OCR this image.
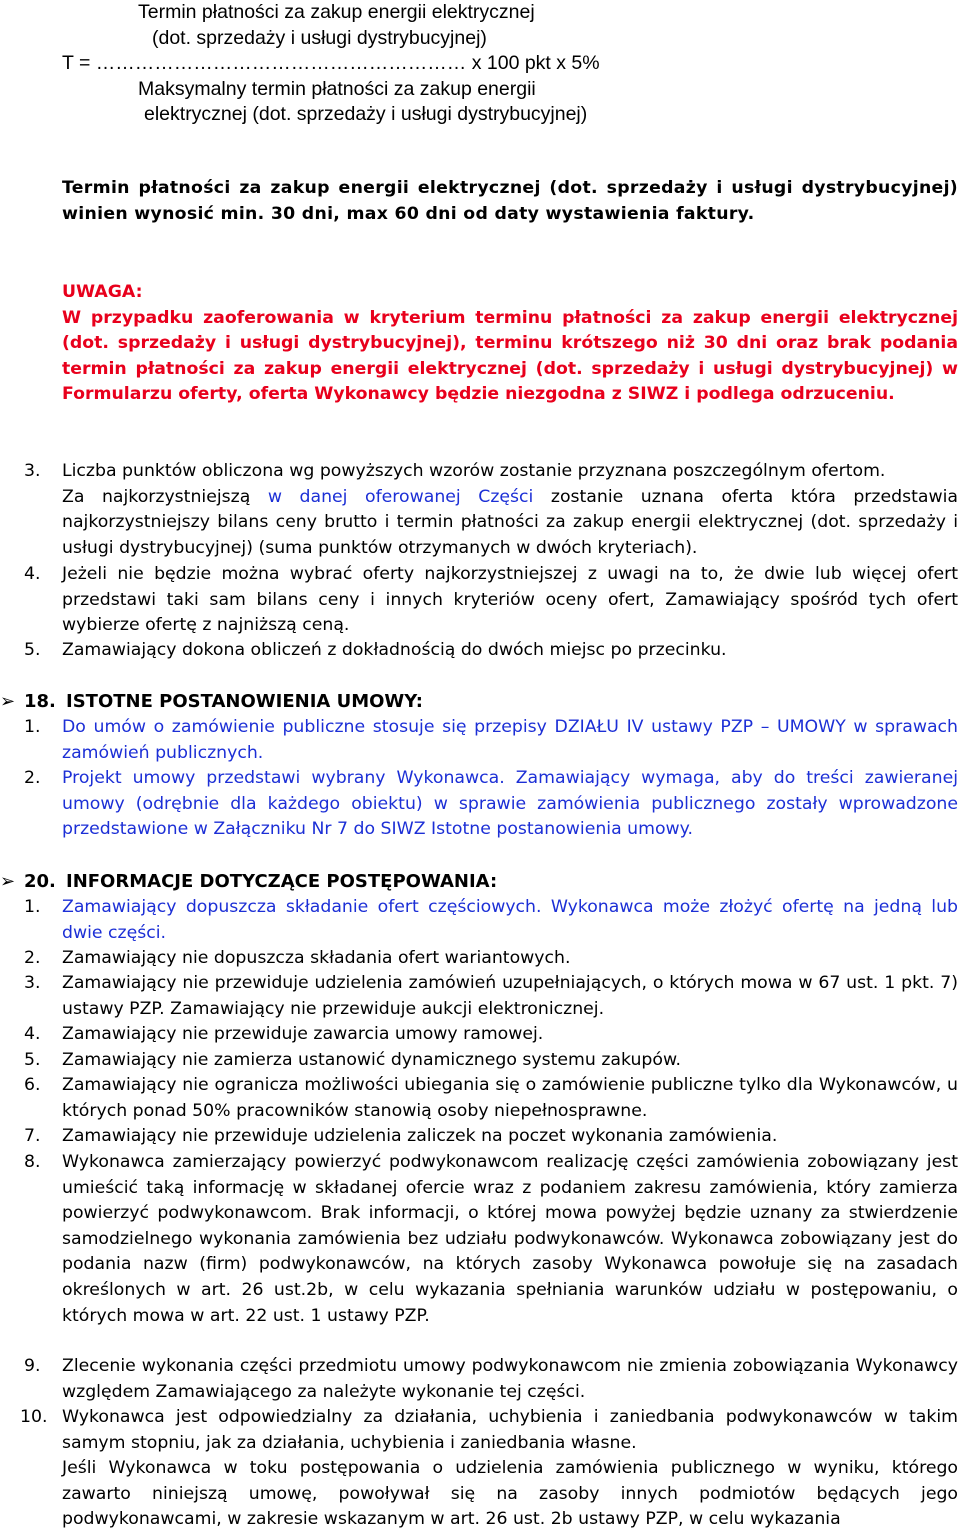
Termin płatności za zakup energii elektrycznej
(dot. sprzedaży i usługi dystrybucyjnej)
T = ………………………………………………… x 100 pkt x 5%
Maksymalny termin płatności za zakup energii
elektrycznej (dot. sprzedaży i usługi dystrybucyjnej)
Termin płatności za zakup energii elektrycznej (dot. sprzedaży i usługi dystrybucyjnej) winien wynosić min. 30 dni, max 60 dni od daty wystawienia faktury.
UWAGA:
W przypadku zaoferowania w kryterium terminu płatności za zakup energii elektrycznej (dot. sprzedaży i usługi dystrybucyjnej), terminu krótszego niż 30 dni oraz brak podania termin płatności za zakup energii elektrycznej (dot. sprzedaży i usługi dystrybucyjnej) w Formularzu oferty, oferta Wykonawcy będzie niezgodna z SIWZ i podlega odrzuceniu.
3. Liczba punktów obliczona wg powyższych wzorów zostanie przyznana poszczególnym ofertom.
Za najkorzystniejszą w danej oferowanej Części zostanie uznana oferta która przedstawia najkorzystniejszy bilans ceny brutto i termin płatności za zakup energii elektrycznej (dot. sprzedaży i usługi dystrybucyjnej) (suma punktów otrzymanych w dwóch kryteriach).
4. Jeżeli nie będzie można wybrać oferty najkorzystniejszej z uwagi na to, że dwie lub więcej ofert przedstawi taki sam bilans ceny i innych kryteriów oceny ofert, Zamawiający spośród tych ofert wybierze ofertę z najniższą ceną.
5. Zamawiający dokona obliczeń z dokładnością do dwóch miejsc po przecinku.
➢ 18. ISTOTNE POSTANOWIENIA UMOWY:
1. Do umów o zamówienie publiczne stosuje się przepisy DZIAŁU IV ustawy PZP – UMOWY w sprawach zamówień publicznych.
2. Projekt umowy przedstawi wybrany Wykonawca. Zamawiający wymaga, aby do treści zawieranej umowy (odrębnie dla każdego obiektu) w sprawie zamówienia publicznego zostały wprowadzone przedstawione w Załączniku Nr 7 do SIWZ Istotne postanowienia umowy.
➢ 20. INFORMACJE DOTYCZĄCE POSTĘPOWANIA:
1. Zamawiający dopuszcza składanie ofert częściowych. Wykonawca może złożyć ofertę na jedną lub dwie części.
2. Zamawiający nie dopuszcza składania ofert wariantowych.
3. Zamawiający nie przewiduje udzielenia zamówień uzupełniających, o których mowa w 67 ust. 1 pkt. 7) ustawy PZP. Zamawiający nie przewiduje aukcji elektronicznej.
4. Zamawiający nie przewiduje zawarcia umowy ramowej.
5. Zamawiający nie zamierza ustanowić dynamicznego systemu zakupów.
6. Zamawiający nie ogranicza możliwości ubiegania się o zamówienie publiczne tylko dla Wykonawców, u których ponad 50% pracowników stanowią osoby niepełnosprawne.
7. Zamawiający nie przewiduje udzielenia zaliczek na poczet wykonania zamówienia.
8. Wykonawca zamierzający powierzyć podwykonawcom realizację części zamówienia zobowiązany jest umieścić taką informację w składanej ofercie wraz z podaniem zakresu zamówienia, który zamierza powierzyć podwykonawcom. Brak informacji, o której mowa powyżej będzie uznany za stwierdzenie samodzielnego wykonania zamówienia bez udziału podwykonawców. Wykonawca zobowiązany jest do podania nazw (firm) podwykonawców, na których zasoby Wykonawca powołuje się na zasadach określonych w art. 26 ust.2b, w celu wykazania spełniania warunków udziału w postępowaniu, o których mowa w art. 22 ust. 1 ustawy PZP.
9. Zlecenie wykonania części przedmiotu umowy podwykonawcom nie zmienia zobowiązania Wykonawcy względem Zamawiającego za należyte wykonanie tej części.
10. Wykonawca jest odpowiedzialny za działania, uchybienia i zaniedbania podwykonawców w takim samym stopniu, jak za działania, uchybienia i zaniedbania własne.
Jeśli Wykonawca w toku postępowania o udzielenia zamówienia publicznego w wyniku, którego zawarto niniejszą umowę, powoływał się na zasoby innych podmiotów będących jego podwykonawcami, w zakresie wskazanym w art. 26 ust. 2b ustawy PZP, w celu wykazania
